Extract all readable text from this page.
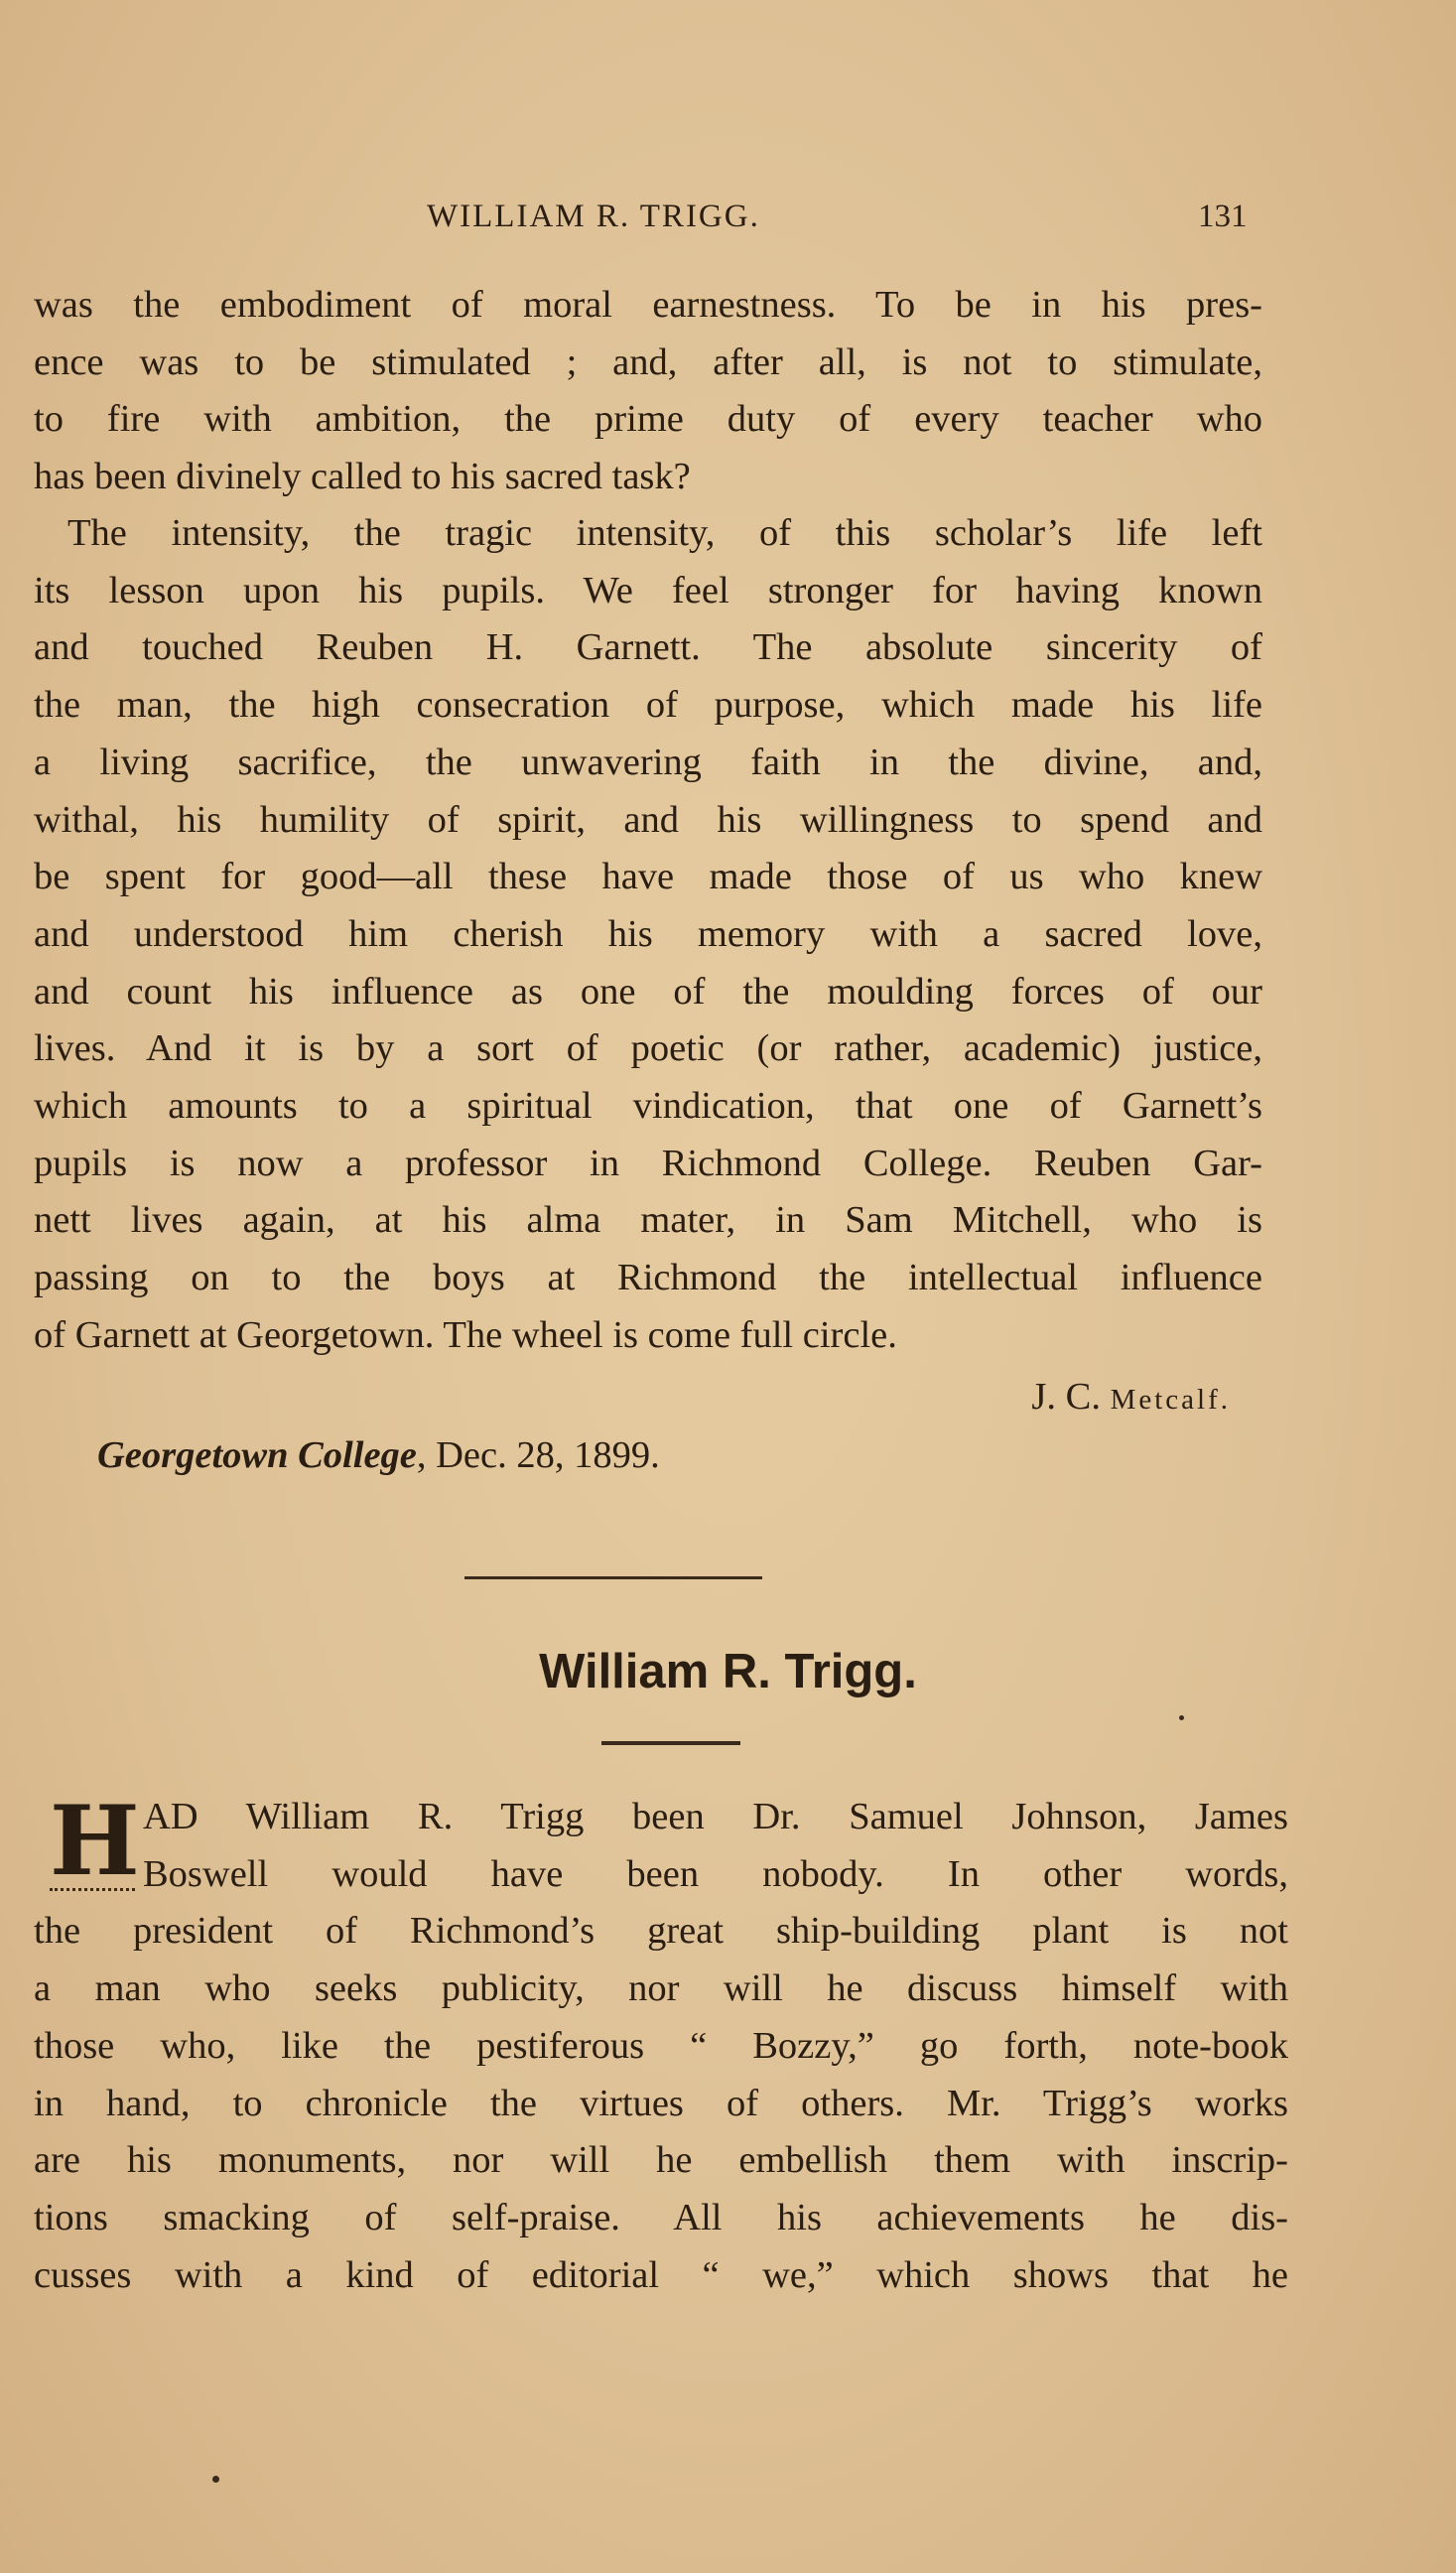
WILLIAM R. TRIGG.	131
was the embodiment of moral earnestness. To be in his pres-
ence was to be stimulated ; and, after all, is not to stimulate,
to fire with ambition, the prime duty of every teacher who
has been divinely called to his sacred task?
The intensity, the tragic intensity, of this scholar’s life left
its lesson upon his pupils. We feel stronger for having known
and touched Reuben H. Garnett. The absolute sincerity of
the man, the high consecration of purpose, which made his life
a living sacrifice, the unwavering faith in the divine, and,
withal, his humility of spirit, and his willingness to spend and
be spent for good—all these have made those of us who knew
and understood him cherish his memory with a sacred love,
and count his influence as one of the moulding forces of our
lives. And it is by a sort of poetic (or rather, academic) justice,
which amounts to a spiritual vindication, that one of Garnett’s
pupils is now a professor in Richmond College. Reuben Gar-
nett lives again, at his alma mater, in Sam Mitchell, who is
passing on to the boys at Richmond the intellectual influence
of Garnett at Georgetown. The wheel is come full circle.
J. C. Metcalf.
Georgetown College, Dec. 28, 1899.
William R. Trigg.
H AD William R. Trigg been Dr. Samuel Johnson, James
Boswell would have been nobody. In other words,
the president of Richmond’s great ship-building plant is not
a man who seeks publicity, nor will he discuss himself with
those who, like the pestiferous “ Bozzy,” go forth, note-book
in hand, to chronicle the virtues of others. Mr. Trigg’s works
are his monuments, nor will he embellish them with inscrip-
tions smacking of self-praise. All his achievements he dis-
cusses with a kind of editorial “ we,” which shows that he
